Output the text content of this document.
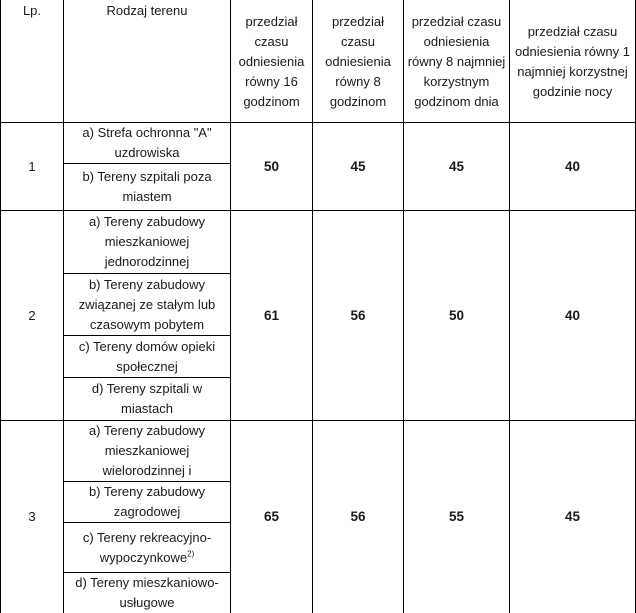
Lp.	Rodzaj terenu	przedział czasu odniesienia równy 16 godzinom	przedział czasu odniesienia równy 8 godzinom	przedział czasu odniesienia równy 8 najmniej korzystnym godzinom dnia	przedział czasu odniesienia równy 1 najmniej korzystnej godzinie nocy
1	a) Strefa ochronna "A" uzdrowiska	50	45	45	40
	b) Tereny szpitali poza miastem				
2	a) Tereny zabudowy mieszkaniowej jednorodzinnej	61	56	50	40
	b) Tereny zabudowy związanej ze stałym lub czasowym pobytem				
	c) Tereny domów opieki społecznej				
	d) Tereny szpitali w miastach				
3	a) Tereny zabudowy mieszkaniowej wielorodzinnej i	65	56	55	45
	b) Tereny zabudowy zagrodowej				
	c) Tereny rekreacyjno-wypoczynkowe$^{2)}$
	d) Tereny mieszkaniowo-usługowe				
